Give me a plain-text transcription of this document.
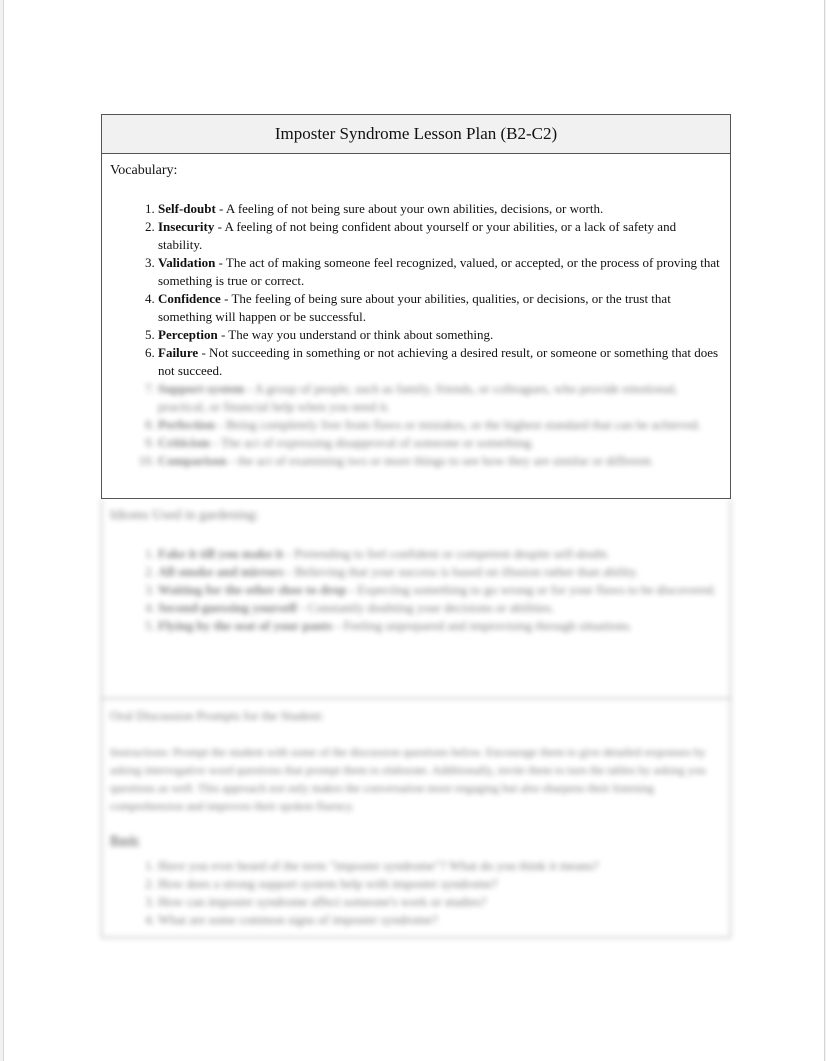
Imposter Syndrome Lesson Plan (B2-C2)
Vocabulary:
1. Self-doubt - A feeling of not being sure about your own abilities, decisions, or worth.
2. Insecurity - A feeling of not being confident about yourself or your abilities, or a lack of safety and stability.
3. Validation - The act of making someone feel recognized, valued, or accepted, or the process of proving that something is true or correct.
4. Confidence - The feeling of being sure about your abilities, qualities, or decisions, or the trust that something will happen or be successful.
5. Perception - The way you understand or think about something.
6. Failure - Not succeeding in something or not achieving a desired result, or someone or something that does not succeed.
7. Support system - A group of people, such as family, friends, or colleagues, who provide emotional, practical, or financial help when you need it.
8. Perfection - Being completely free from flaws or mistakes, or the highest standard that can be achieved.
9. Criticism - The act of expressing disapproval of someone or something.
10. Comparison - the act of examining two or more things to see how they are similar or different.
Idioms Used in gardening:
1. Fake it till you make it - Pretending to feel confident or competent despite self-doubt.
2. All smoke and mirrors - Believing that your success is based on illusion rather than ability.
3. Waiting for the other shoe to drop - Expecting something to go wrong or for your flaws to be discovered.
4. Second-guessing yourself - Constantly doubting your decisions or abilities.
5. Flying by the seat of your pants - Feeling unprepared and improvising through situations.
Oral Discussion Prompts for the Student:

Instructions: Prompt the student with some of the discussion questions below. Encourage them to give detailed responses by asking interrogative word questions that prompt them to elaborate. Additionally, invite them to turn the tables by asking you questions as well. This approach not only makes the conversation more engaging but also sharpens their listening comprehension and improves their spoken fluency.

Basic
1. Have you ever heard of the term "imposter syndrome"? What do you think it means?
2. How does a strong support system help with imposter syndrome?
3. How can imposter syndrome affect someone's work or studies?
4. What are some common signs of imposter syndrome?
